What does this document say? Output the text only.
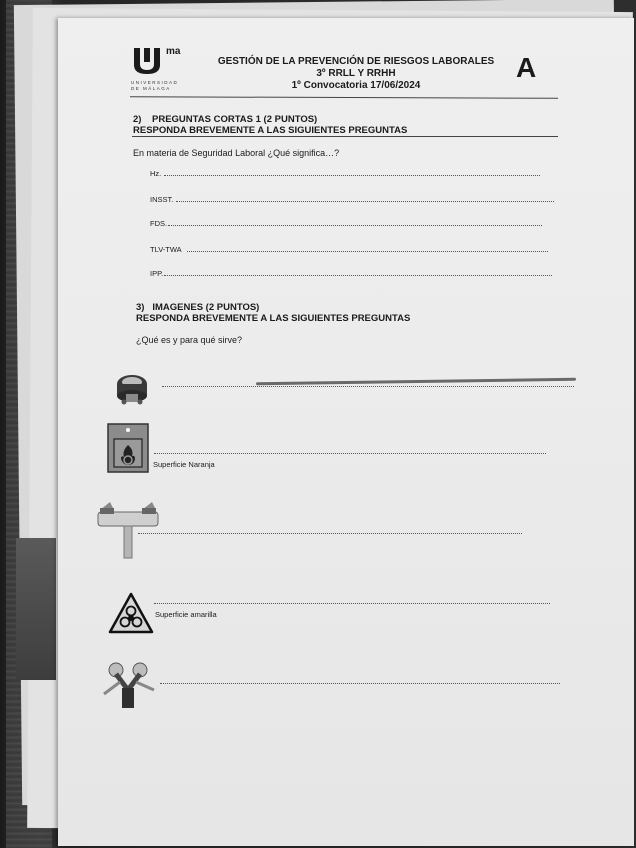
ma
UNIVERSIDAD
DE MÁLAGA
GESTIÓN DE LA PREVENCIÓN DE RIESGOS LABORALES
3º RRLL Y RRHH
1º Convocatoria 17/06/2024
A
2)    PREGUNTAS CORTAS 1 (2 PUNTOS)
RESPONDA BREVEMENTE A LAS SIGUIENTES PREGUNTAS
En materia de Seguridad Laboral ¿Qué significa…?
Hz.
INSST.
FDS.
TLV-TWA
IPP.
3)   IMAGENES (2 PUNTOS)
RESPONDA BREVEMENTE A LAS SIGUIENTES PREGUNTAS
¿Qué es y para qué sirve?
Superficie Naranja
Superficie amarilla
